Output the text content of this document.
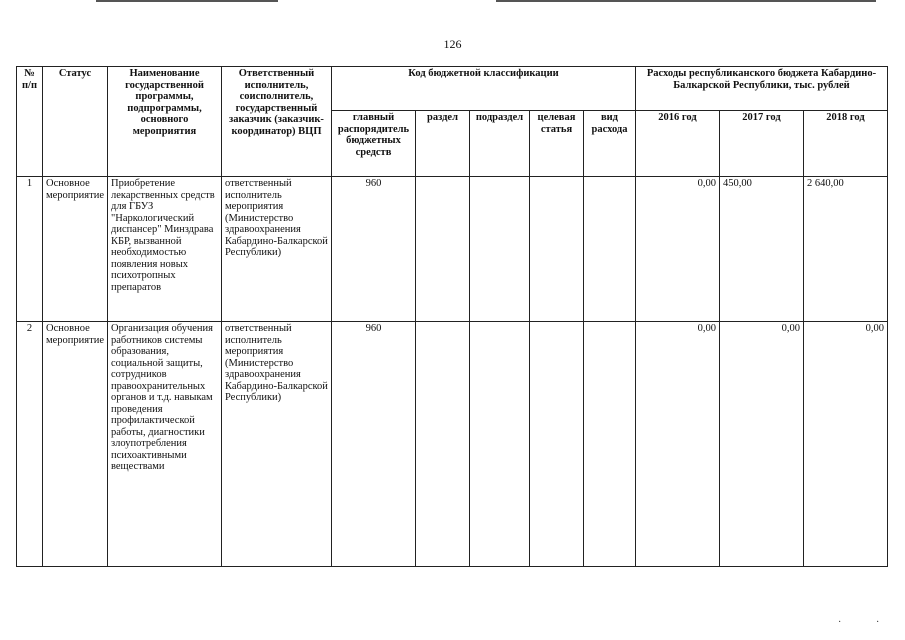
126
№ п/п	Статус	Наименование государственной программы, подпрограммы, основного мероприятия	Ответственный исполнитель, соисполнитель, государственный заказчик (заказчик-координатор) ВЦП	Код бюджетной классификации					Расходы республиканского бюджета Кабардино-Балкарской Республики, тыс. рублей		
				главный распорядитель бюджетных средств	раздел	подраздел	целевая статья	вид расхода	2016 год	2017 год	2018 год
1	Основное мероприятие	Приобретение лекарственных средств для ГБУЗ "Наркологический диспансер" Минздрава КБР, вызванной необходимостью появления новых психотропных препаратов	ответственный исполнитель мероприятия (Министерство здравоохранения Кабардино-Балкарской Республики)	960					0,00	450,00	2 640,00
2	Основное мероприятие	Организация обучения работников системы образования, социальной защиты, сотрудников правоохранительных органов и т.д. навыкам проведения профилактической работы, диагностики злоупотребления психоактивными веществами	ответственный исполнитель мероприятия (Министерство здравоохранения Кабардино-Балкарской Республики)	960					0,00	0,00	0,00
·	·
